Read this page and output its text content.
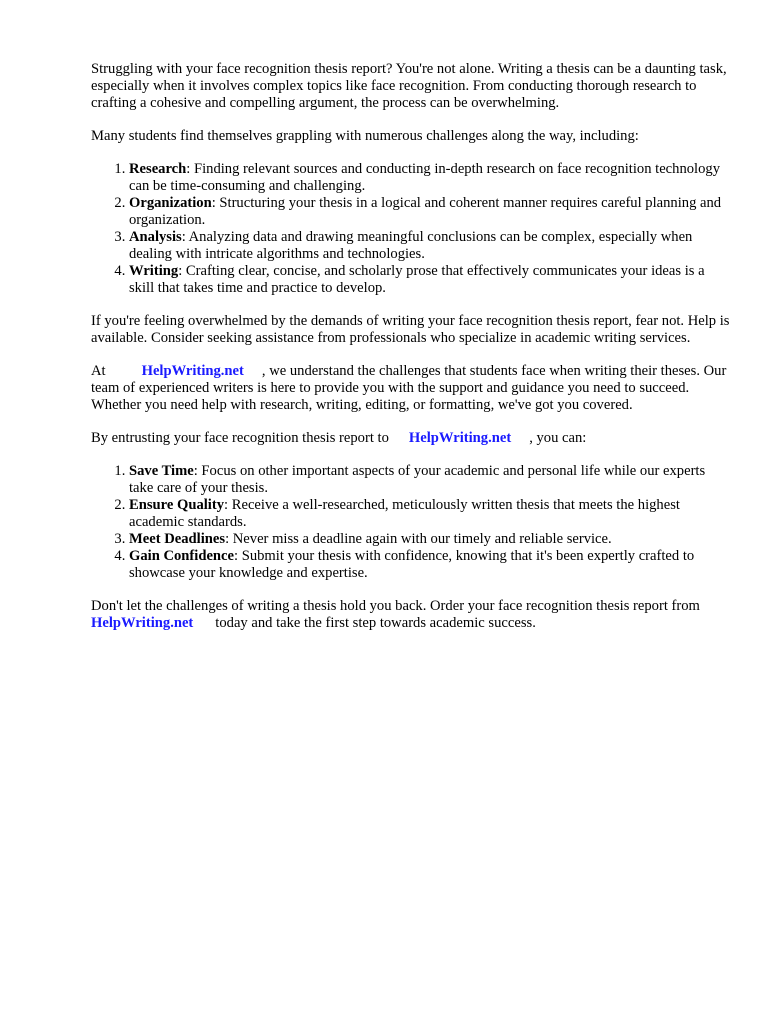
Struggling with your face recognition thesis report? You're not alone. Writing a thesis can be a daunting task, especially when it involves complex topics like face recognition. From conducting thorough research to crafting a cohesive and compelling argument, the process can be overwhelming.

Many students find themselves grappling with numerous challenges along the way, including:

1. Research: Finding relevant sources and conducting in-depth research on face recognition technology can be time-consuming and challenging.
2. Organization: Structuring your thesis in a logical and coherent manner requires careful planning and organization.
3. Analysis: Analyzing data and drawing meaningful conclusions can be complex, especially when dealing with intricate algorithms and technologies.
4. Writing: Crafting clear, concise, and scholarly prose that effectively communicates your ideas is a skill that takes time and practice to develop.

If you're feeling overwhelmed by the demands of writing your face recognition thesis report, fear not. Help is available. Consider seeking assistance from professionals who specialize in academic writing services.

At HelpWriting.net , we understand the challenges that students face when writing their theses. Our team of experienced writers is here to provide you with the support and guidance you need to succeed. Whether you need help with research, writing, editing, or formatting, we've got you covered.

By entrusting your face recognition thesis report to HelpWriting.net , you can:

1. Save Time: Focus on other important aspects of your academic and personal life while our experts take care of your thesis.
2. Ensure Quality: Receive a well-researched, meticulously written thesis that meets the highest academic standards.
3. Meet Deadlines: Never miss a deadline again with our timely and reliable service.
4. Gain Confidence: Submit your thesis with confidence, knowing that it's been expertly crafted to showcase your knowledge and expertise.

Don't let the challenges of writing a thesis hold you back. Order your face recognition thesis report fromHelpWriting.net today and take the first step towards academic success.
